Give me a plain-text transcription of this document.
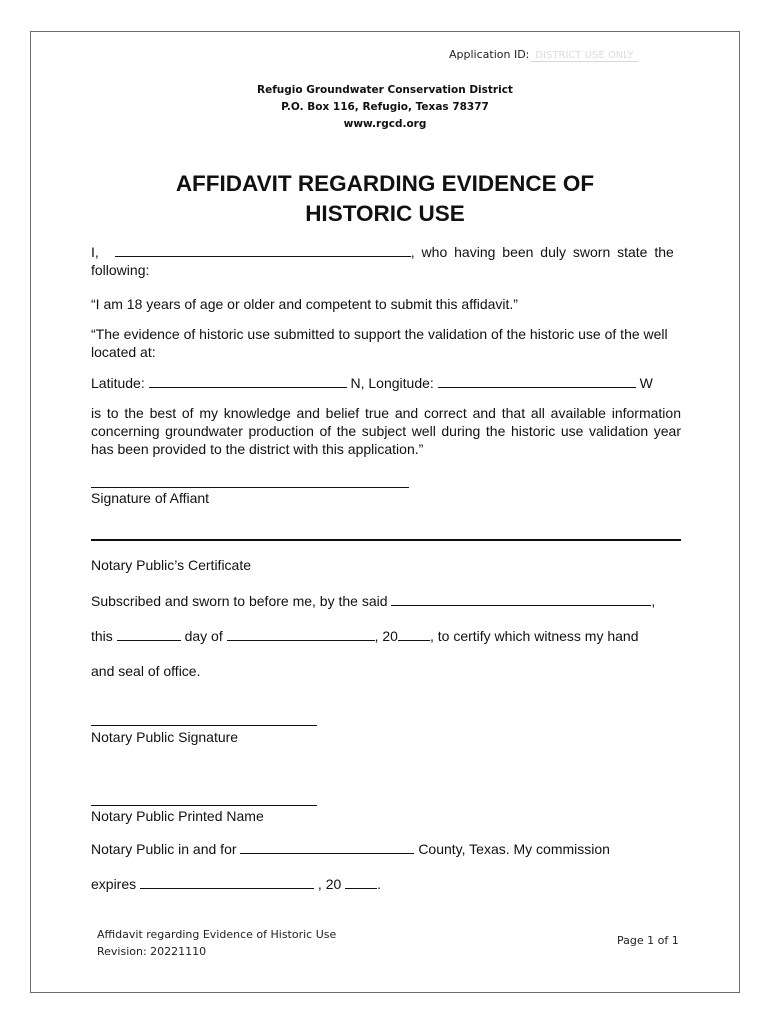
Application ID: DISTRICT USE ONLY
Refugio Groundwater Conservation District
P.O. Box 116, Refugio, Texas 78377
www.rgcd.org
AFFIDAVIT REGARDING EVIDENCE OF
HISTORIC USE
I,	, who having been duly sworn state the
following:
“I am 18 years of age or older and competent to submit this affidavit.”
“The evidence of historic use submitted to support the validation of the historic use of the well located at:
Latitude:	N, Longitude:	W
is to the best of my knowledge and belief true and correct and that all available information concerning groundwater production of the subject well during the historic use validation year has been provided to the district with this application.”
Signature of Affiant
Notary Public’s Certificate
Subscribed and sworn to before me, by the said	,
this	day of	, 20 , to certify which witness my hand
and seal of office.
Notary Public Signature
Notary Public Printed Name
Notary Public in and for	County, Texas. My commission
expires	, 20	.
Affidavit regarding Evidence of Historic Use
Revision: 20221110
Page 1 of 1
